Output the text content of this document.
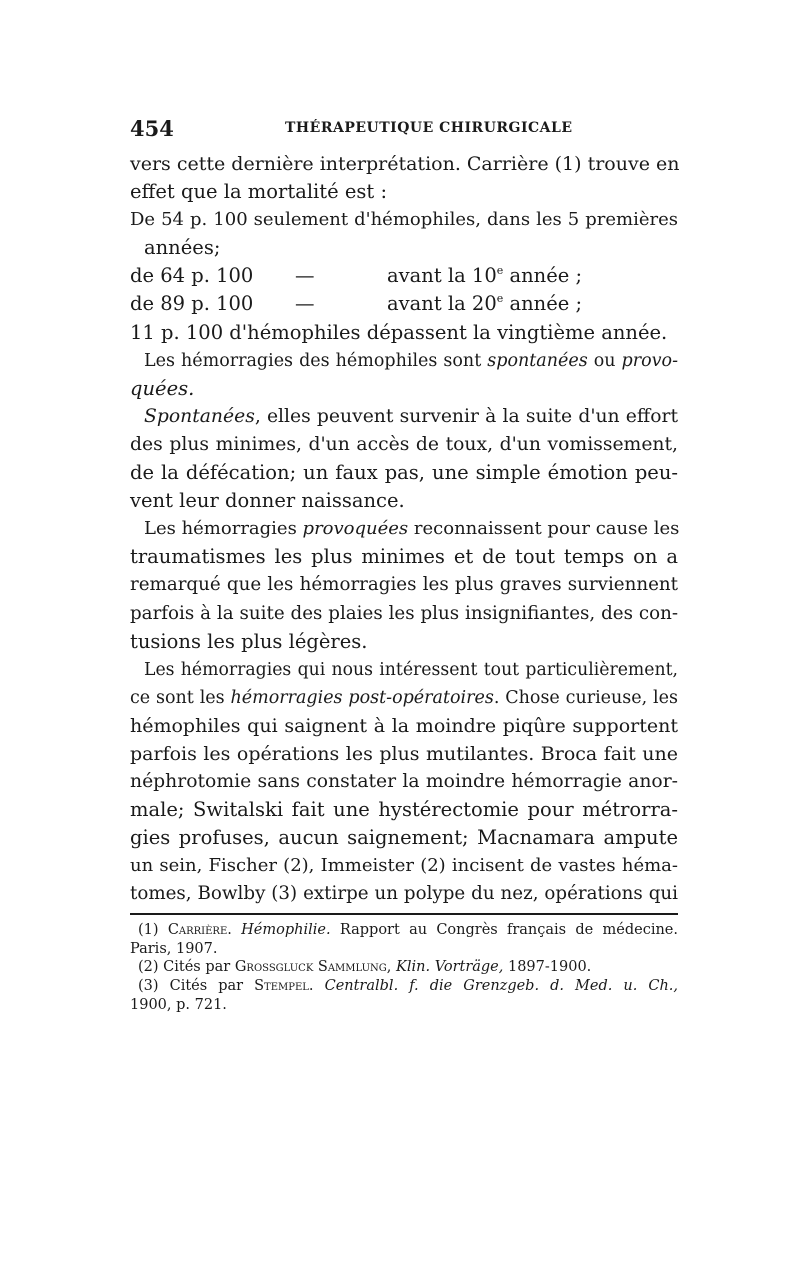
454	THÉRAPEUTIQUE CHIRURGICALE
vers cette dernière interprétation. Carrière (1) trouve en
effet que la mortalité est :
De 54 p. 100 seulement d'hémophiles, dans les 5 premières
années;
de 64 p. 100 —	avant la 10e année ;
de 89 p. 100 —	avant la 20e année ;
11 p. 100 d'hémophiles dépassent la vingtième année.
Les hémorragies des hémophiles sont spontanées ou provo-
quées.
Spontanées, elles peuvent survenir à la suite d'un effort
des plus minimes, d'un accès de toux, d'un vomissement,
de la défécation; un faux pas, une simple émotion peu-
vent leur donner naissance.
Les hémorragies provoquées reconnaissent pour cause les
traumatismes les plus minimes et de tout temps on a
remarqué que les hémorragies les plus graves surviennent
parfois à la suite des plaies les plus insignifiantes, des con-
tusions les plus légères.
Les hémorragies qui nous intéressent tout particulièrement,
ce sont les hémorragies post-opératoires. Chose curieuse, les
hémophiles qui saignent à la moindre piqûre supportent
parfois les opérations les plus mutilantes. Broca fait une
néphrotomie sans constater la moindre hémorragie anor-
male; Switalski fait une hystérectomie pour métrorra-
gies profuses, aucun saignement; Macnamara ampute
un sein, Fischer (2), Immeister (2) incisent de vastes héma-
tomes, Bowlby (3) extirpe un polype du nez, opérations qui
(1) Carrière. Hémophilie. Rapport au Congrès français de médecine.
Paris, 1907.
(2) Cités par Grossgluck Sammlung, Klin. Vorträge, 1897-1900.
(3) Cités par Stempel. Centralbl. f. die Grenzgeb. d. Med. u. Ch.,
1900, p. 721.
